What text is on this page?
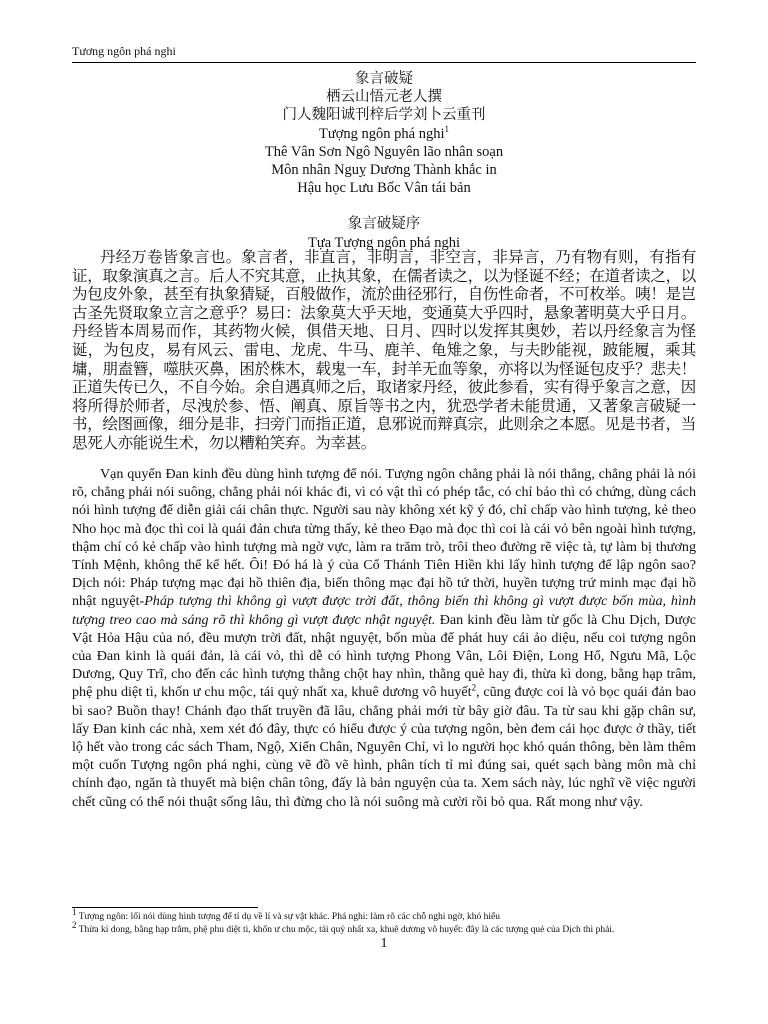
Tương ngôn phá nghi
象言破疑
栖云山悟元老人撰
门人魏阳诚刊梓后学刘卜云重刊
Tượng ngôn phá nghi$^1$
Thê Vân Sơn Ngô Nguyên lão nhân soạn
Môn nhân Nguỵ Dương Thành khắc in
Hậu học Lưu Bốc Vân tái bản
象言破疑序
Tựa Tượng ngôn phá nghi
丹经万卷皆象言也。象言者，非直言，非明言，非空言，非异言，乃有物有则，有指有证，取象演真之言。后人不究其意，止执其象，在儒者读之，以为怪诞不经；在道者读之，以为包皮外象，甚至有执象猜疑，百般做作，流於曲径邪行，自伤性命者，不可枚举。咦！是岂古圣先贤取象立言之意乎？易曰：法象莫大乎天地，变通莫大乎四时，悬象著明莫大乎日月。丹经皆本周易而作，其药物火候，俱借天地、日月、四时以发挥其奥妙，若以丹经象言为怪诞，为包皮，易有风云、雷电、龙虎、牛马、鹿羊、龟雉之象，与夫眇能视，跛能履，乘其墉，朋盍簪，噬肤灭鼻，困於株木，载鬼一车，封羊无血等象，亦将以为怪诞包皮乎？悲夫！正道失传已久，不自今始。余自遇真师之后，取诸家丹经，彼此参看，实有得乎象言之意，因将所得於师者，尽洩於参、悟、阐真、原旨等书之内，犹恐学者未能贯通，又著象言破疑一书，绘图画像，细分是非，扫旁门而指正道，息邪说而辩真宗，此则余之本愿。见是书者，当思死人亦能说生术，勿以糟粕笑弃。为幸甚。
Vạn quyển Đan kinh đều dùng hình tượng để nói. Tượng ngôn chẳng phải là nói thẳng, chẳng phải là nói rõ, chẳng phải nói suông, chẳng phải nói khác đi, vì có vật thì có phép tắc, có chỉ bảo thì có chứng, dùng cách nói hình tượng để diễn giải cái chân thực. Người sau này không xét kỹ ý đó, chỉ chấp vào hình tượng, kẻ theo Nho học mà đọc thì coi là quái đản chưa từng thấy, kẻ theo Đạo mà đọc thì coi là cái vỏ bên ngoài hình tượng, thậm chí có kẻ chấp vào hình tượng mà ngờ vực, làm ra trăm trò, trôi theo đường rẽ việc tà, tự làm bị thương Tính Mệnh, không thể kể hết. Ôi! Đó há là ý của Cổ Thánh Tiên Hiền khi lấy hình tượng để lập ngôn sao? Dịch nói: Pháp tượng mạc đại hồ thiên địa, biến thông mạc đại hồ tứ thời, huyền tượng trứ minh mạc đại hồ nhật nguyệt-Pháp tượng thì không gì vượt được trời đất, thông biến thì không gì vượt được bốn mùa, hình tượng treo cao mà sáng rõ thì không gì vượt được nhật nguyệt. Đan kinh đều làm từ gốc là Chu Dịch, Dược Vật Hỏa Hậu của nó, đều mượn trời đất, nhật nguyệt, bốn mùa để phát huy cái ảo diệu, nếu coi tượng ngôn của Đan kinh là quái đản, là cái vỏ, thì dễ có hình tượng Phong Vân, Lôi Điện, Long Hổ, Ngưu Mã, Lộc Dương, Quy Trĩ, cho đến các hình tượng thằng chột hay nhìn, thằng què hay đi, thừa kì dong, bằng hạp trâm, phệ phu diệt tì, khốn ư chu mộc, tái quỷ nhất xa, khuê dương vô huyết$^2$, cũng được coi là vỏ bọc quái đản bao bì sao? Buồn thay! Chánh đạo thất truyền đã lâu, chẳng phải mới từ bây giờ đâu. Ta từ sau khi gặp chân sư, lấy Đan kinh các nhà, xem xét đó đây, thực có hiểu được ý của tượng ngôn, bèn đem cái học được ở thầy, tiết lộ hết vào trong các sách Tham, Ngộ, Xiển Chân, Nguyên Chỉ, vì lo người học khó quán thông, bèn làm thêm một cuốn Tượng ngôn phá nghi, cùng vẽ đồ vẽ hình, phân tích tỉ mỉ đúng sai, quét sạch bàng môn mà chỉ chính đạo, ngăn tà thuyết mà biện chân tông, đấy là bản nguyện của ta. Xem sách này, lúc nghĩ về việc người chết cũng có thể nói thuật sống lâu, thì đừng cho là nói suông mà cười rồi bỏ qua. Rất mong như vậy.

$^1$ Tượng ngôn: lối nói dùng hình tượng để tỉ dụ về lí và sự vật khác. Phá nghi: làm rõ các chỗ nghi ngờ, khó hiểu

$^2$ Thừa kì dong, bằng hạp trâm, phệ phu diệt tì, khốn ư chu mộc, tái quỷ nhất xa, khuê dương vô huyết: đây là các tượng quẻ của Dịch thì phải.

1
